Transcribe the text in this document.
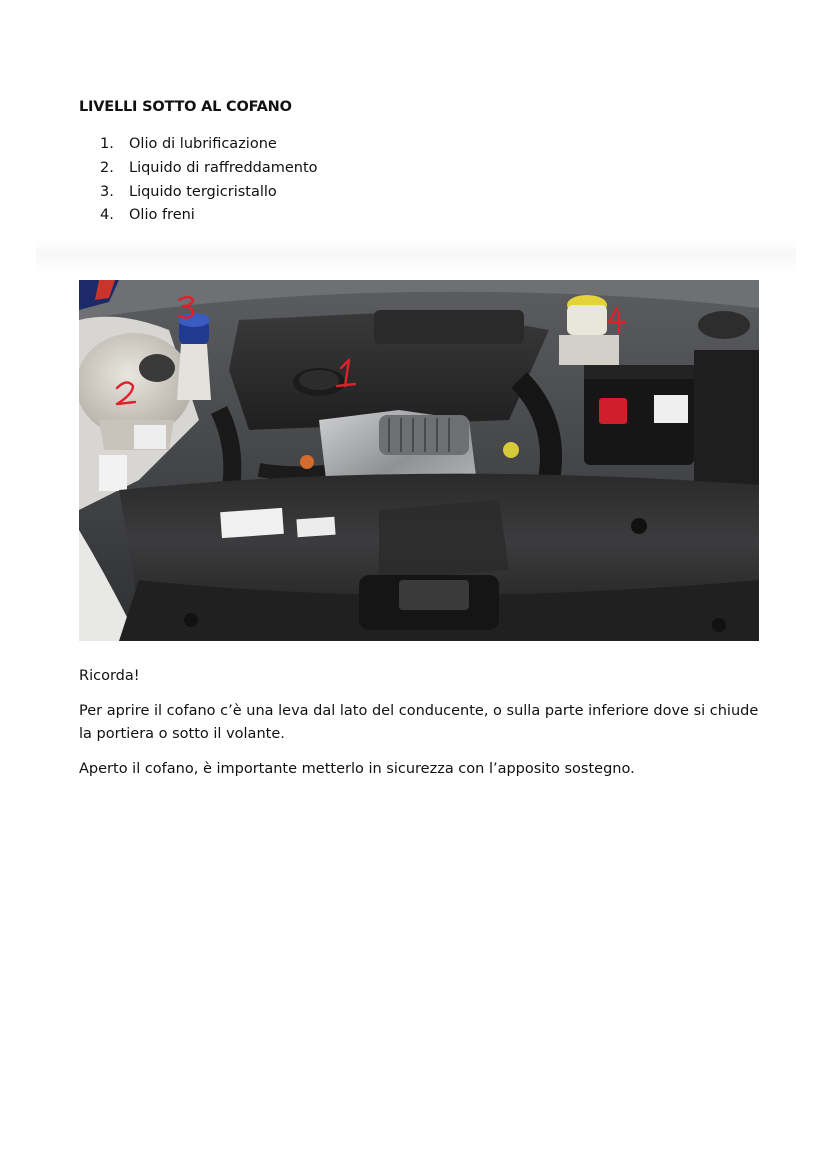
LIVELLI SOTTO AL COFANO
1.	Olio di lubrificazione
2.	Liquido di raffreddamento
3.	Liquido tergicristallo
4.	Olio freni
Ricorda!
Per aprire il cofano c’è una leva dal lato del conducente, o sulla parte inferiore dove si chiude la portiera o sotto il volante.
Aperto il cofano, è importante metterlo in sicurezza con l’apposito sostegno.
